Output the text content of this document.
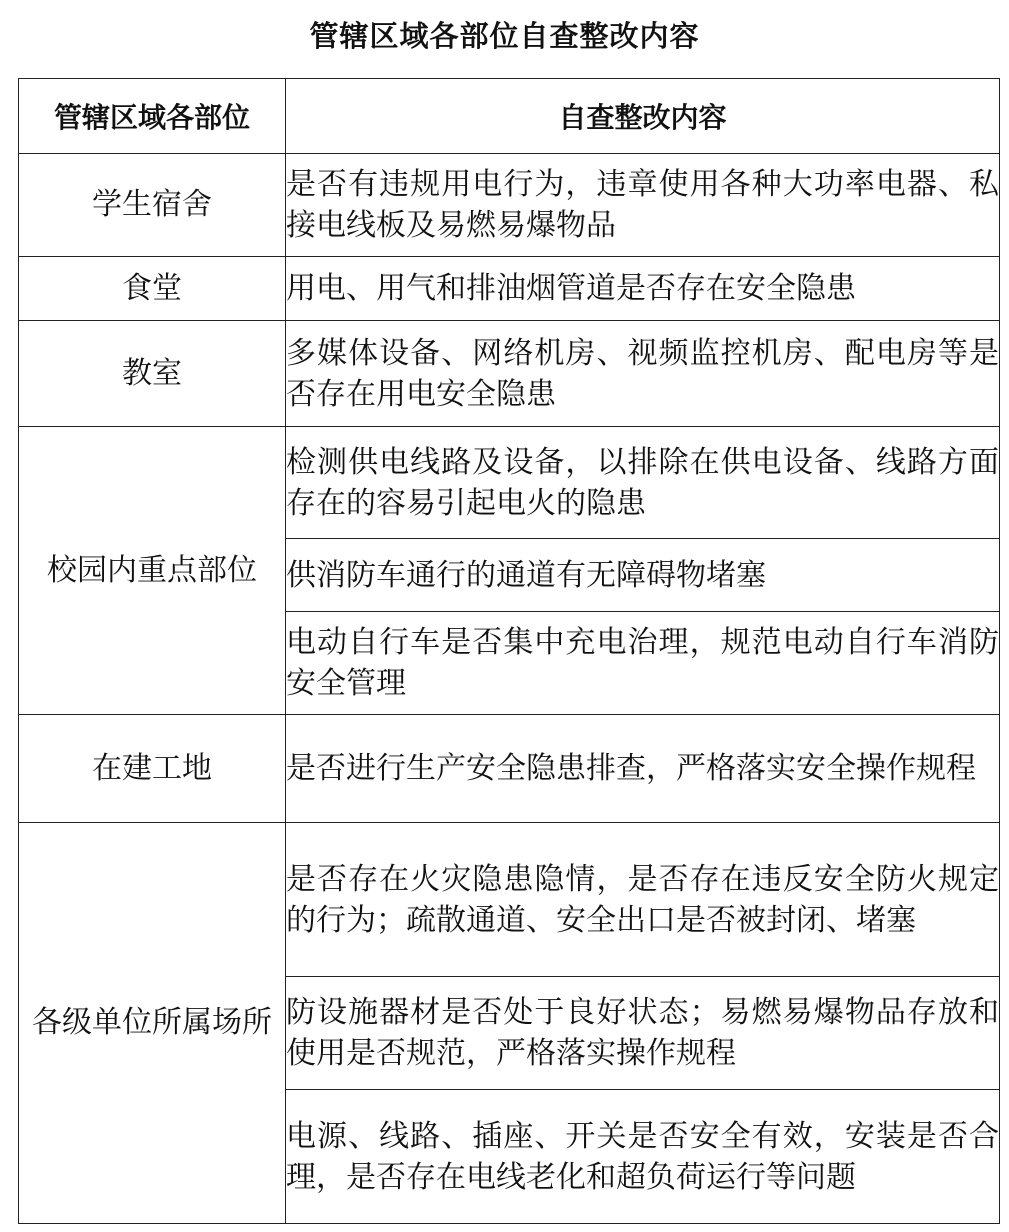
管辖区域各部位自查整改内容
管辖区域各部位	自查整改内容
学生宿舍	是否有违规用电行为，违章使用各种大功率电器、私接电线板及易燃易爆物品
食堂	用电、用气和排油烟管道是否存在安全隐患
教室	多媒体设备、网络机房、视频监控机房、配电房等是否存在用电安全隐患
校园内重点部位	检测供电线路及设备，以排除在供电设备、线路方面存在的容易引起电火的隐患
	供消防车通行的通道有无障碍物堵塞
	电动自行车是否集中充电治理，规范电动自行车消防安全管理
在建工地	是否进行生产安全隐患排查，严格落实安全操作规程
各级单位所属场所	是否存在火灾隐患隐情，是否存在违反安全防火规定的行为；疏散通道、安全出口是否被封闭、堵塞
	防设施器材是否处于良好状态；易燃易爆物品存放和使用是否规范，严格落实操作规程
	电源、线路、插座、开关是否安全有效，安装是否合理，是否存在电线老化和超负荷运行等问题
